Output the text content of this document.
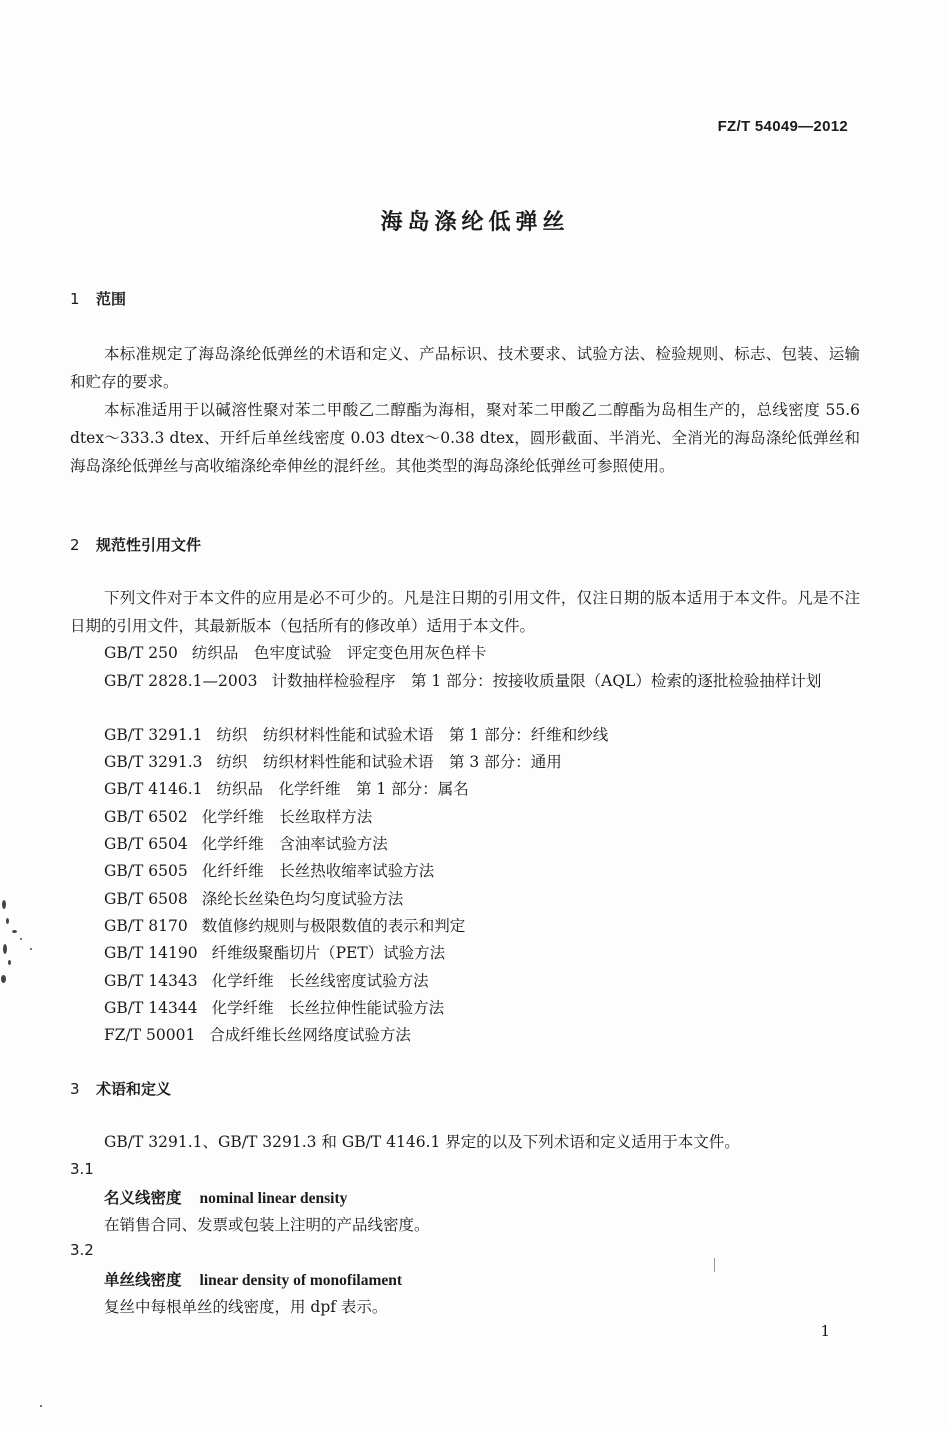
FZ/T 54049—2012
海岛涤纶低弹丝
1 范围
本标准规定了海岛涤纶低弹丝的术语和定义、产品标识、技术要求、试验方法、检验规则、标志、包装、运输和贮存的要求。
本标准适用于以碱溶性聚对苯二甲酸乙二醇酯为海相，聚对苯二甲酸乙二醇酯为岛相生产的，总线密度 55.6 dtex～333.3 dtex、开纤后单丝线密度 0.03 dtex～0.38 dtex，圆形截面、半消光、全消光的海岛涤纶低弹丝和海岛涤纶低弹丝与高收缩涤纶牵伸丝的混纤丝。其他类型的海岛涤纶低弹丝可参照使用。
2 规范性引用文件
下列文件对于本文件的应用是必不可少的。凡是注日期的引用文件，仅注日期的版本适用于本文件。凡是不注日期的引用文件，其最新版本（包括所有的修改单）适用于本文件。
GB/T 250 纺织品　色牢度试验　评定变色用灰色样卡
GB/T 2828.1—2003 计数抽样检验程序　第 1 部分：按接收质量限（AQL）检索的逐批检验抽样计划
GB/T 3291.1 纺织　纺织材料性能和试验术语　第 1 部分：纤维和纱线
GB/T 3291.3 纺织　纺织材料性能和试验术语　第 3 部分：通用
GB/T 4146.1 纺织品　化学纤维　第 1 部分：属名
GB/T 6502 化学纤维　长丝取样方法
GB/T 6504 化学纤维　含油率试验方法
GB/T 6505 化纤纤维　长丝热收缩率试验方法
GB/T 6508 涤纶长丝染色均匀度试验方法
GB/T 8170 数值修约规则与极限数值的表示和判定
GB/T 14190 纤维级聚酯切片（PET）试验方法
GB/T 14343 化学纤维　长丝线密度试验方法
GB/T 14344 化学纤维　长丝拉伸性能试验方法
FZ/T 50001 合成纤维长丝网络度试验方法
3 术语和定义
GB/T 3291.1、GB/T 3291.3 和 GB/T 4146.1 界定的以及下列术语和定义适用于本文件。
3.1
名义线密度 nominal linear density
在销售合同、发票或包装上注明的产品线密度。
3.2
单丝线密度 linear density of monofilament
复丝中每根单丝的线密度，用 dpf 表示。
1
